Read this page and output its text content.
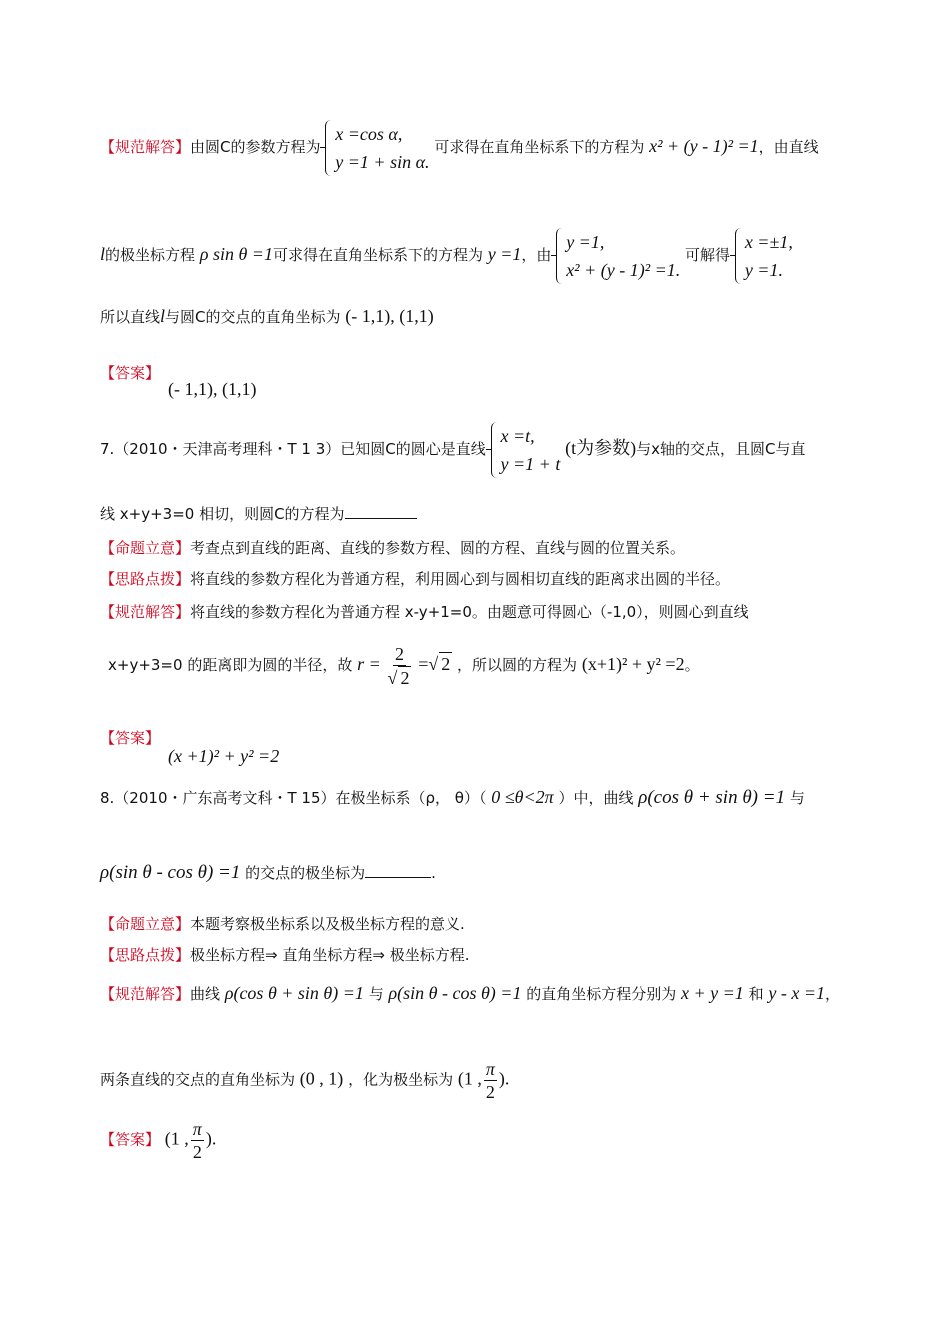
【规范解答】由圆C的参数方程为
x =cos α,
y =1 + sin α.
可求得在直角坐标系下的方程为 x² + (y - 1)² =1，由直线
l的极坐标方程 ρ sin θ =1可求得在直角坐标系下的方程为 y =1，由
y =1,
x² + (y - 1)² =1.
可解得
x =±1,
y =1.
所以直线l与圆C的交点的直角坐标为 (- 1,1), (1,1)
【答案】
(- 1,1), (1,1)
7.（2010・天津高考理科・T 1 3）已知圆C的圆心是直线
x =t,
y =1 + t
(t为参数)与x轴的交点，且圆C与直
线 x+y+3=0 相切，则圆C的方程为
【命题立意】考查点到直线的距离、直线的参数方程、圆的方程、直线与圆的位置关系。
【思路点拨】将直线的参数方程化为普通方程，利用圆心到与圆相切直线的距离求出圆的半径。
【规范解答】将直线的参数方程化为普通方程 x-y+1=0。由题意可得圆心（-1,0），则圆心到直线
x+y+3=0 的距离即为圆的半径，故 $r = \frac{2}{√ 2}$ =√ 2 ，所以圆的方程为 (x+1)² + y² =2。
【答案】
(x +1)² + y² =2
8.（2010・广东高考文科・T 15）在极坐标系（ρ， θ）（ 0 ≤θ<2π ）中，曲线 ρ(cos θ + sin θ) =1 与
ρ(sin θ - cos θ) =1 的交点的极坐标为	.
【命题立意】本题考察极坐标系以及极坐标方程的意义.
【思路点拨】极坐标方程⇒ 直角坐标方程⇒ 极坐标方程.
【规范解答】曲线 ρ(cos θ + sin θ) =1 与 ρ(sin θ - cos θ) =1 的直角坐标方程分别为 x + y =1 和 y - x =1，
两条直线的交点的直角坐标为 (0 , 1) ，化为极坐标为 (1 , $\frac{\pi}{2}$ ).
【答案】 (1 , $\frac{\pi}{2}$ ).
